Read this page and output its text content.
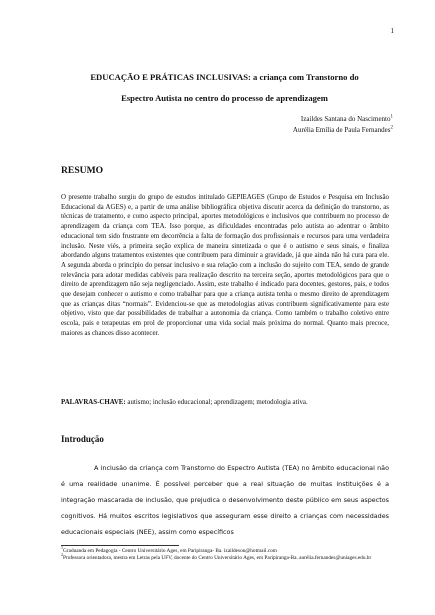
1
EDUCAÇÃO E PRÁTICAS INCLUSIVAS: a criança com Transtorno do
Espectro Autista no centro do processo de aprendizagem
Izaildes Santana do Nascimento$^1$
Aurélia Emília de Paula Fernandes$^2$
RESUMO
O presente trabalho surgiu do grupo de estudos intitulado GEPIEAGES (Grupo de Estudos e Pesquisa em Inclusão Educacional da AGES) e, a partir de uma análise bibliográfica objetiva discutir acerca da definição do transtorno, as técnicas de tratamento, e como aspecto principal, aportes metodológicos e inclusivos que contribuem no processo de aprendizagem da criança com TEA. Isso porque, as dificuldades encontradas pelo autista ao adentrar o âmbito educacional tem sido frustrante em decorrência a falta de formação dos profissionais e recursos para uma verdadeira inclusão. Neste viés, a primeira seção explica de maneira sintetizada o que é o autismo e seus sinais, e finaliza abordando alguns tratamentos existentes que contribuem para diminuir a gravidade, já que ainda não há cura para ele. A segunda aborda o princípio do pensar inclusivo e sua relação com a inclusão do sujeito com TEA, sendo de grande relevância para adotar medidas cabíveis para realização descrito na terceira seção, aportes metodológicos para que o direito de aprendizagem não seja negligenciado. Assim, este trabalho é indicado para docentes, gestores, pais, e todos que desejam conhecer o autismo e como trabalhar para que a criança autista tenha o mesmo direito de aprendizagem que as crianças ditas “normais”. Evidenciou-se que as metodologias ativas contribuem significativamente para este objetivo, visto que dar possibilidades de trabalhar a autonomia da criança. Como também o trabalho coletivo entre escola, pais e terapeutas em prol de proporcionar uma vida social mais próxima do normal. Quanto mais precoce, maiores as chances disso acontecer.
PALAVRAS-CHAVE: autismo; inclusão educacional; aprendizagem; metodologia ativa.
Introdução
A inclusão da criança com Transtorno do Espectro Autista (TEA) no âmbito educacional não é uma realidade unanime. É possível perceber que a real situação de muitas instituições é a integração mascarada de inclusão, que prejudica o desenvolvimento deste público em seus aspectos cognitivos. Há muitos escritos legislativos que asseguram esse direito a crianças com necessidades educacionais especiais (NEE), assim como específicos
$^1$Graduanda em Pedagogia - Centro Universitário Ages, em Paripiranga- Ba. izaildeson@hotmail.com
$^2$Professora orientadora, mestra em Letras pela UFV, docente do Centro Universitário Ages, em Paripiranga-Ba. aurélia.fernandes@uniages.edu.br
